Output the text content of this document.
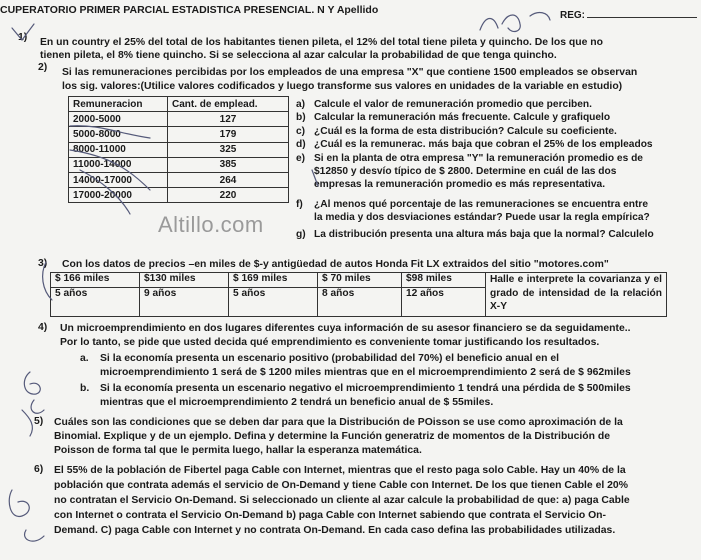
CUPERATORIO PRIMER PARCIAL ESTADISTICA PRESENCIAL. N Y Apellido	REG:
1) En un country el 25% del total de los habitantes tienen pileta, el 12% del total tiene pileta y quincho. De los que no
tienen pileta, el 8% tiene quincho. Si se selecciona al azar calcular la probabilidad de que tenga quincho.
2) Si las remuneraciones percibidas por los empleados de una empresa "X" que contiene 1500 empleados se observan
los sig. valores:(Utilice valores codificados y luego transforme sus valores en unidades de la variable en estudio)
Remuneracion	Cant. de emplead.
2000-5000	127
5000-8000	179
8000-11000	325
11000-14000	385
14000-17000	264
17000-20000	220
Altillo.com
a) Calcule el valor de remuneración promedio que perciben.
b) Calcular la remuneración más frecuente. Calcule y grafiquelo
c) ¿Cuál es la forma de esta distribución? Calcule su coeficiente.
d) ¿Cuál es la remunerac. más baja que cobran el 25% de los empleados
e) Si en la planta de otra empresa "Y" la remuneración promedio es de
$12850 y desvío típico de $ 2800. Determine en cuál de las dos
empresas la remuneración promedio es más representativa.
f) ¿Al menos qué porcentaje de las remuneraciones se encuentra entre
la media y dos desviaciones estándar? Puede usar la regla empírica?
g) La distribución presenta una altura más baja que la normal? Calculelo
3) Con los datos de precios –en miles de $-y antigüedad de autos Honda Fit LX extraidos del sitio "motores.com"
$ 166 miles	$130 miles	$ 169 miles	$ 70 miles	$98 miles	Halle e interprete la covarianza y el grado de intensidad de la relación X-Y
5 años	9 años	5 años	8 años	12 años	
4) Un microemprendimiento en dos lugares diferentes cuya información de su asesor financiero se da seguidamente..
Por lo tanto, se pide que usted decida qué emprendimiento es conveniente tomar justificando los resultados.
a. Si la economía presenta un escenario positivo (probabilidad del 70%) el beneficio anual en el
microemprendimiento 1 será de $ 1200 miles mientras que en el microemprendimiento 2 será de $ 962miles
b. Si la economía presenta un escenario negativo el microemprendimiento 1 tendrá una pérdida de $ 500miles
mientras que el microemprendimiento 2 tendrá un beneficio anual de $ 55miles.
5) Cuáles son las condiciones que se deben dar para que la Distribución de POisson se use como aproximación de la
Binomial. Explique y de un ejemplo. Defina y determine la Función generatriz de momentos de la Distribución de
Poisson de forma tal que le permita luego, hallar la esperanza matemática.
6) El 55% de la población de Fibertel paga Cable con Internet, mientras que el resto paga solo Cable. Hay un 40% de la
población que contrata además el servicio de On-Demand y tiene Cable con Internet. De los que tienen Cable el 20%
no contratan el Servicio On-Demand. Si seleccionado un cliente al azar calcule la probabilidad de que: a) paga Cable
con Internet o contrata el Servicio On-Demand b) paga Cable con Internet sabiendo que contrata el Servicio On-
Demand. C) paga Cable con Internet y no contrata On-Demand. En cada caso defina las probabilidades utilizadas.
